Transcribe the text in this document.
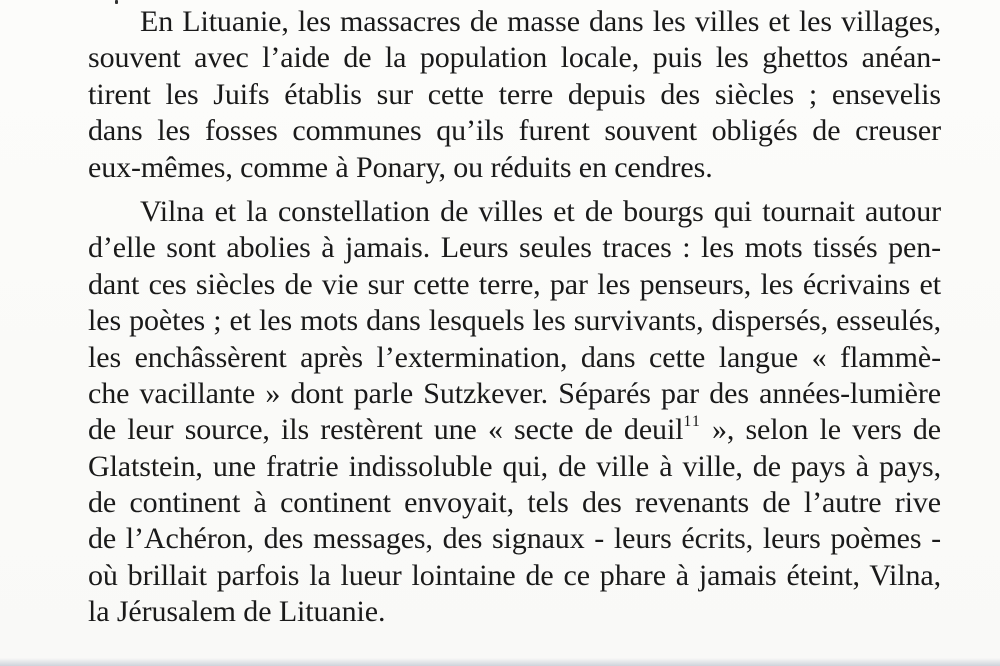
En Lituanie, les massacres de masse dans les villes et les villages,
souvent avec l’aide de la population locale, puis les ghettos anéan-
tirent les Juifs établis sur cette terre depuis des siècles ; ensevelis
dans les fosses communes qu’ils furent souvent obligés de creuser
eux-mêmes, comme à Ponary, ou réduits en cendres.
Vilna et la constellation de villes et de bourgs qui tournait autour
d’elle sont abolies à jamais. Leurs seules traces : les mots tissés pen-
dant ces siècles de vie sur cette terre, par les penseurs, les écrivains et
les poètes ; et les mots dans lesquels les survivants, dispersés, esseulés,
les enchâssèrent après l’extermination, dans cette langue « flammè-
che vacillante » dont parle Sutzkever. Séparés par des années-lumière
de leur source, ils restèrent une « secte de deuil$^{11}$ », selon le vers de
Glatstein, une fratrie indissoluble qui, de ville à ville, de pays à pays,
de continent à continent envoyait, tels des revenants de l’autre rive
de l’Achéron, des messages, des signaux - leurs écrits, leurs poèmes -
où brillait parfois la lueur lointaine de ce phare à jamais éteint, Vilna,
la Jérusalem de Lituanie.
